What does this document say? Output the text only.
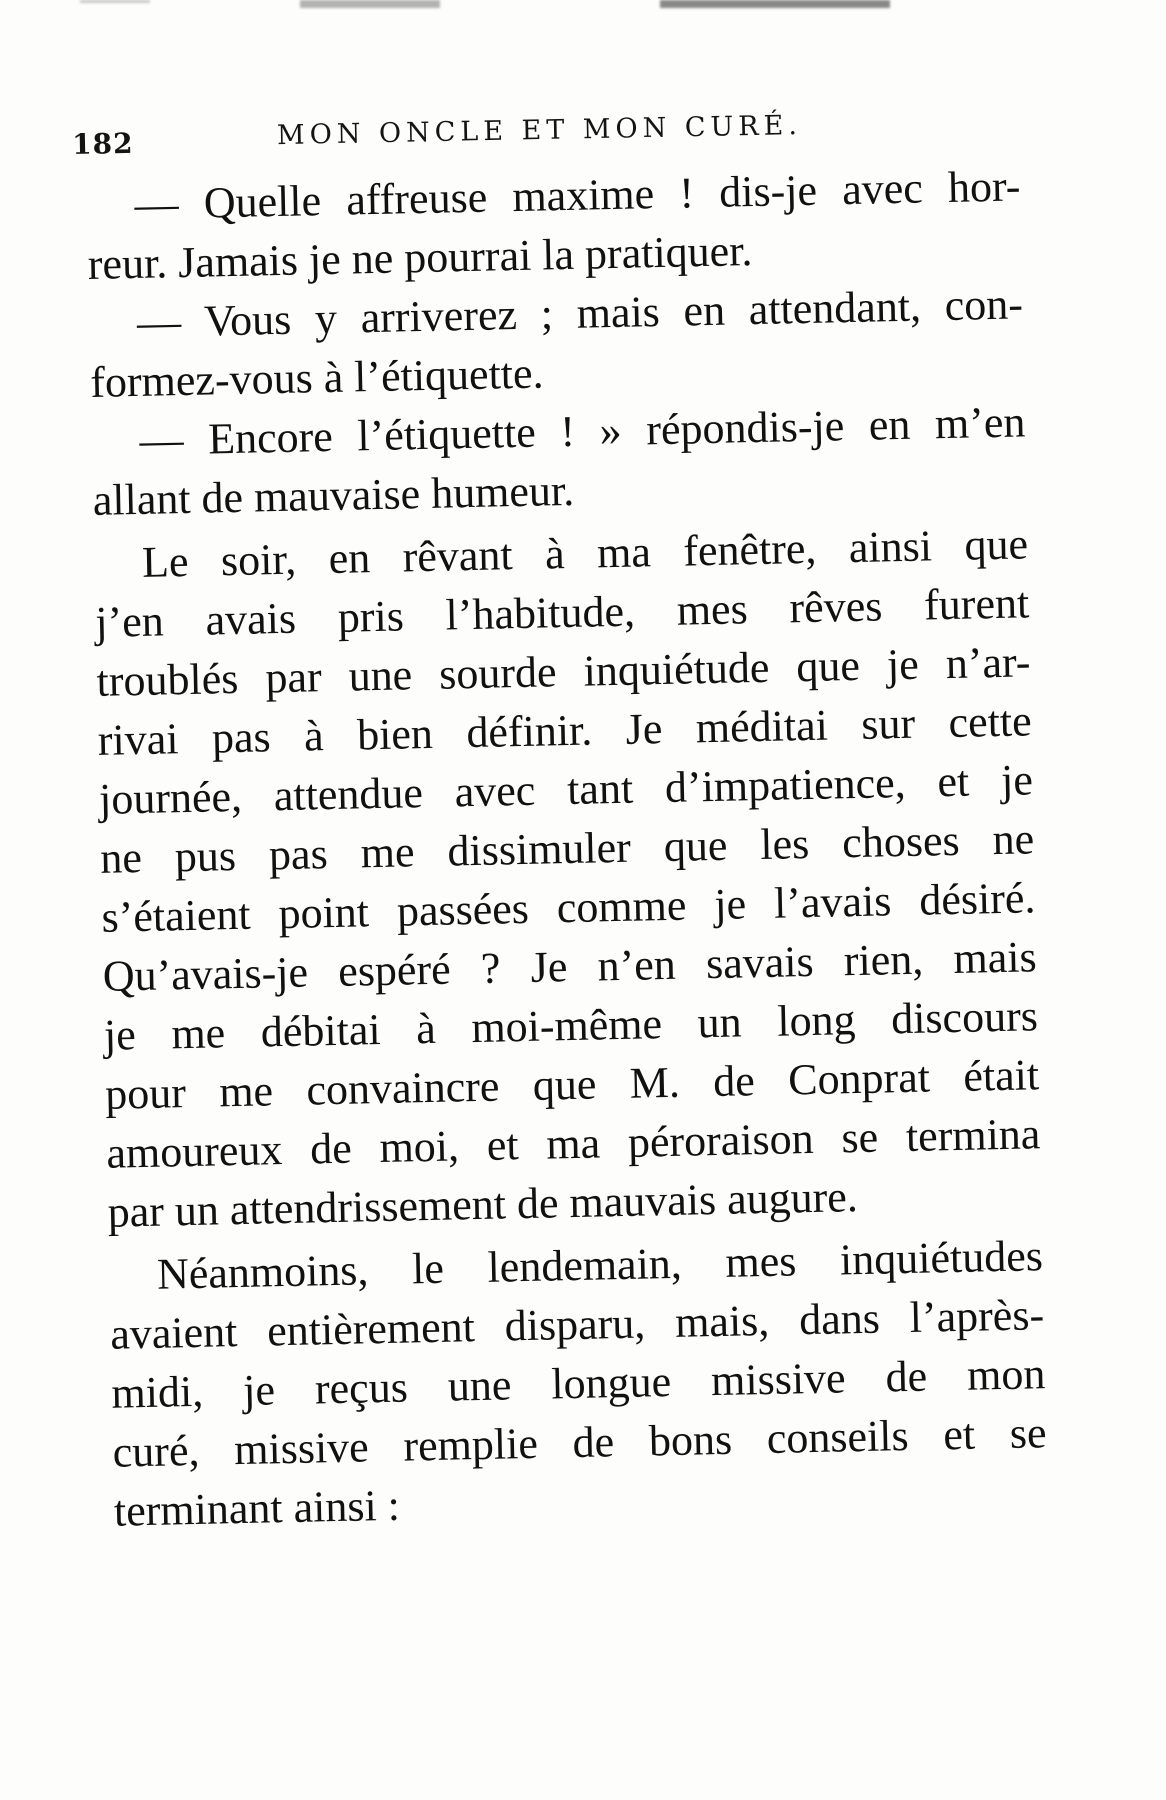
182	MON ONCLE ET MON CURÉ.
— Quelle affreuse maxime ! dis-je avec hor-
reur. Jamais je ne pourrai la pratiquer.
— Vous y arriverez ; mais en attendant, con-
formez-vous à l’étiquette.
— Encore l’étiquette ! » répondis-je en m’en
allant de mauvaise humeur.
Le soir, en rêvant à ma fenêtre, ainsi que
j’en avais pris l’habitude, mes rêves furent
troublés par une sourde inquiétude que je n’ar-
rivai pas à bien définir. Je méditai sur cette
journée, attendue avec tant d’impatience, et je
ne pus pas me dissimuler que les choses ne
s’étaient point passées comme je l’avais désiré.
Qu’avais-je espéré ? Je n’en savais rien, mais
je me débitai à moi-même un long discours
pour me convaincre que M. de Conprat était
amoureux de moi, et ma péroraison se termina
par un attendrissement de mauvais augure.
Néanmoins, le lendemain, mes inquiétudes
avaient entièrement disparu, mais, dans l’après-
midi, je reçus une longue missive de mon
curé, missive remplie de bons conseils et se
terminant ainsi :
